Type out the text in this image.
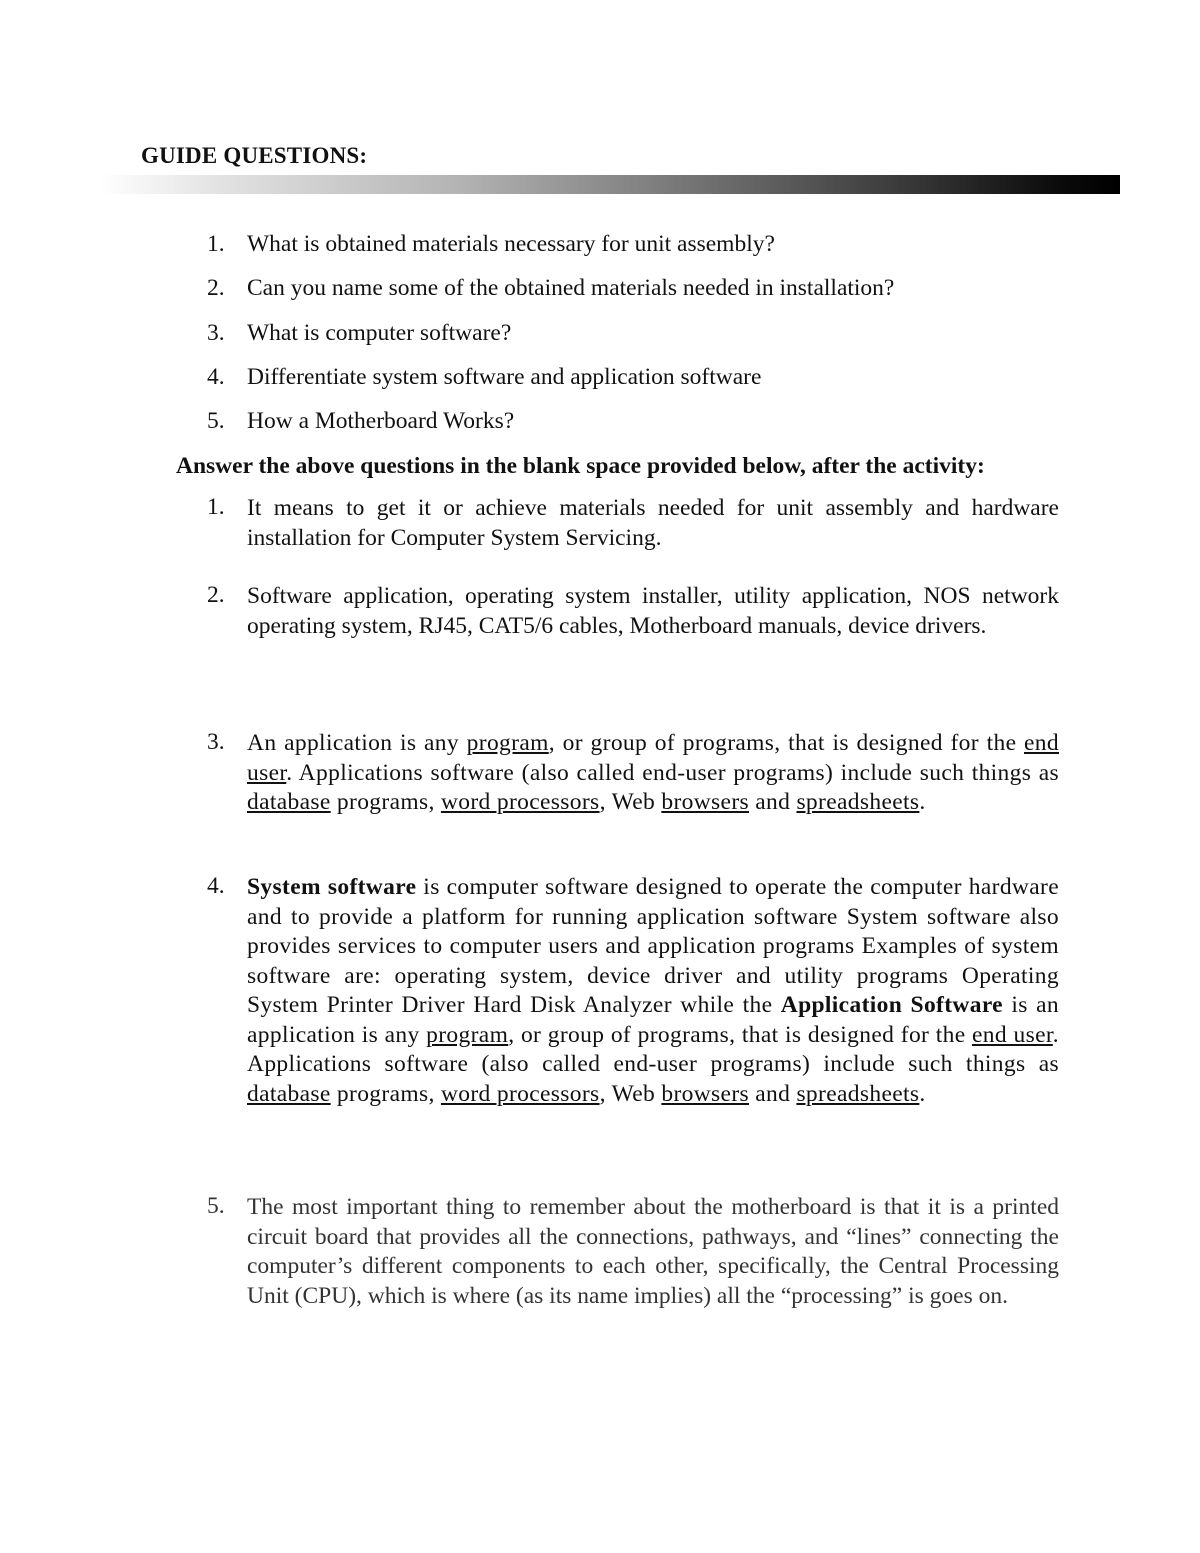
GUIDE QUESTIONS:
1. What is obtained materials necessary for unit assembly?
2. Can you name some of the obtained materials needed in installation?
3. What is computer software?
4. Differentiate system software and application software
5. How a Motherboard Works?
Answer the above questions in the blank space provided below, after the activity:
1. It means to get it or achieve materials needed for unit assembly and hardware installation for Computer System Servicing.
2. Software application, operating system installer, utility application, NOS network operating system, RJ45, CAT5/6 cables, Motherboard manuals, device drivers.
3. An application is any program, or group of programs, that is designed for the end user. Applications software (also called end-user programs) include such things as database programs, word processors, Web browsers and spreadsheets.
4. System software is computer software designed to operate the computer hardware and to provide a platform for running application software System software also provides services to computer users and application programs Examples of system software are: operating system, device driver and utility programs Operating System Printer Driver Hard Disk Analyzer while the Application Software is an application is any program, or group of programs, that is designed for the end user. Applications software (also called end-user programs) include such things as database programs, word processors, Web browsers and spreadsheets.
5. The most important thing to remember about the motherboard is that it is a printed circuit board that provides all the connections, pathways, and “lines” connecting the computer’s different components to each other, specifically, the Central Processing Unit (CPU), which is where (as its name implies) all the “processing” is goes on.
